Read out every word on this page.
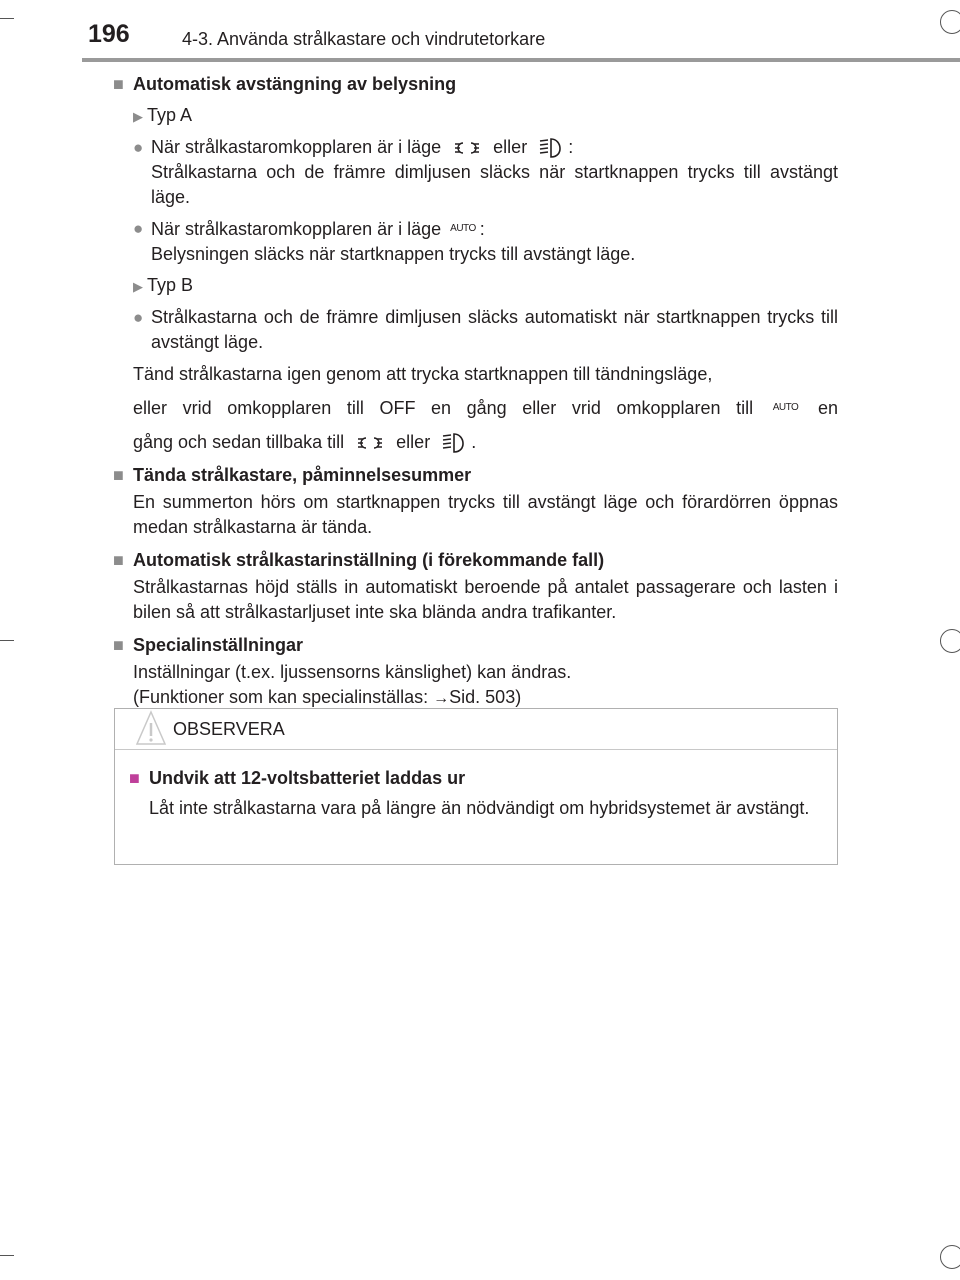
196	4-3. Använda strålkastare och vindrutetorkare
■ Automatisk avstängning av belysning
▶ Typ A
● När strålkastaromkopplaren är i läge	eller :
Strålkastarna och de främre dimljusen släcks när startknappen trycks till avstängt läge.
● När strålkastaromkopplaren är i läge $^{AUTO}$ :
Belysningen släcks när startknappen trycks till avstängt läge.
▶ Typ B
● Strålkastarna och de främre dimljusen släcks automatiskt när startknappen trycks till avstängt läge.
Tänd strålkastarna igen genom att trycka startknappen till tändningsläge,
eller vrid omkopplaren till OFF en gång eller vrid omkopplaren till $^{AUTO}$ en
gång och sedan tillbaka till	eller .
■ Tända strålkastare, påminnelsesummer
En summerton hörs om startknappen trycks till avstängt läge och förardörren öppnas medan strålkastarna är tända.
■ Automatisk strålkastarinställning (i förekommande fall)
Strålkastarnas höjd ställs in automatiskt beroende på antalet passagerare och lasten i bilen så att strålkastarljuset inte ska blända andra trafikanter.
■ Specialinställningar
Inställningar (t.ex. ljussensorns känslighet) kan ändras.
(Funktioner som kan specialinställas: →Sid. 503)
OBSERVERA
■ Undvik att 12-voltsbatteriet laddas ur
Låt inte strålkastarna vara på längre än nödvändigt om hybridsystemet är avstängt.
